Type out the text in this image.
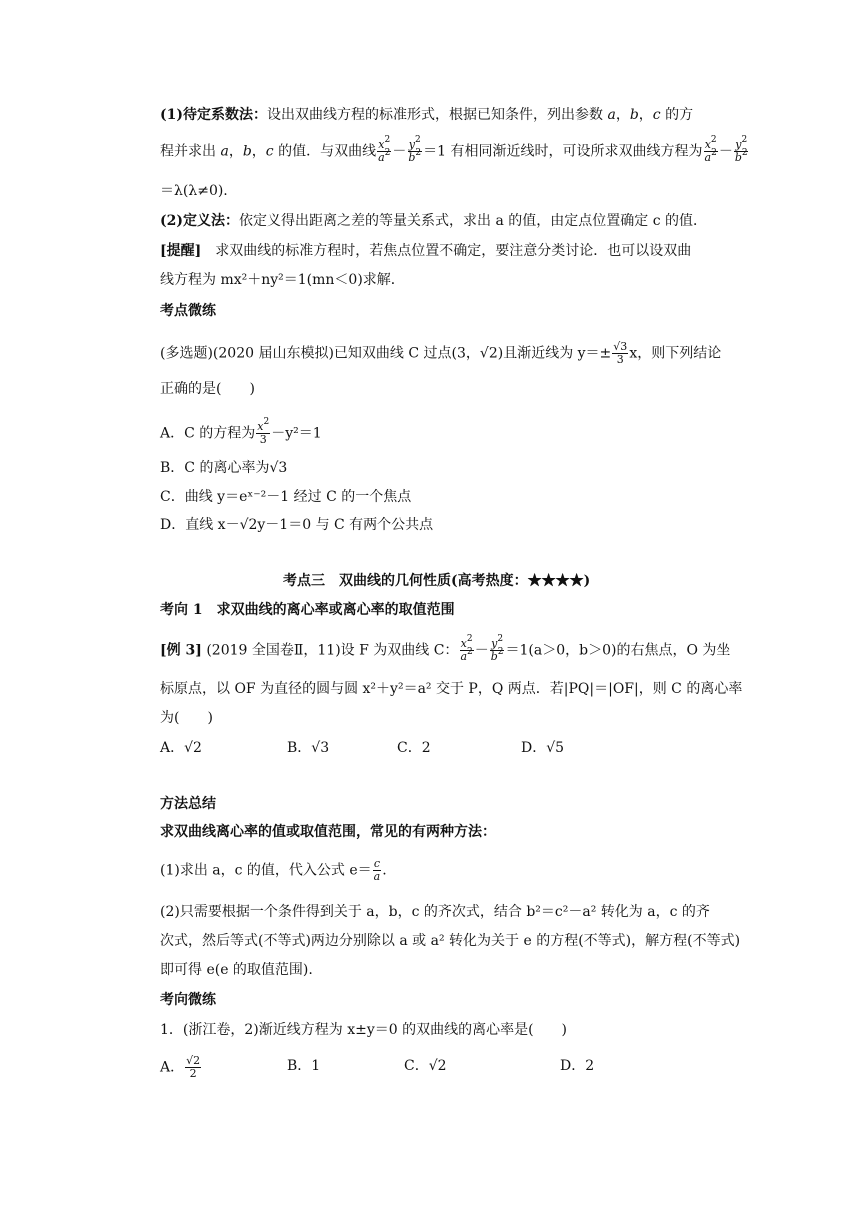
(1)待定系数法：设出双曲线方程的标准形式，根据已知条件，列出参数 a，b，c 的方
程并求出 a，b，c 的值．与双曲线 $\frac{x^2}{a^2} - \frac{y^2}{b^2} =1$ 有相同渐近线时，可设所求双曲线方程为 $\frac{x^2}{a^2} - \frac{y^2}{b^2}$
＝λ(λ≠0).
(2)定义法：依定义得出距离之差的等量关系式，求出 a 的值，由定点位置确定 c 的值．
[提醒]　 求双曲线的标准方程时，若焦点位置不确定，要注意分类讨论．也可以设双曲
线方程为 mx²＋ny²＝1(mn＜0)求解．
考点微练
(多选题)(2020 届山东模拟)已知双曲线 C 过点(3，√2)且渐近线为 $y=\pm \frac{√3}{3}$ x，则下列结论
正确的是(　　)
A．C 的方程为 $\frac{x^2}{3} -y^2=1$
B．C 的离心率为√3
C．曲线 y＝eˣ⁻²－1 经过 C 的一个焦点
D．直线 x－√2y－1＝0 与 C 有两个公共点
考点三　双曲线的几何性质(高考热度：★★★★)
考向 1　求双曲线的离心率或离心率的取值范围
[例 3] (2019 全国卷Ⅱ，11)设 F 为双曲线 C： $\frac{x^2}{a^2} - \frac{y^2}{b^2} =1(a>0$，b＞0)的右焦点，O 为坐
标原点，以 OF 为直径的圆与圆 x²＋y²＝a² 交于 P，Q 两点．若|PQ|＝|OF|，则 C 的离心率
为(　　)
A．√2	B．√3	C．2	D．√5
方法总结
求双曲线离心率的值或取值范围，常见的有两种方法：
(1)求出 a，c 的值，代入公式 $e= \frac{c}{a}$ .
(2)只需要根据一个条件得到关于 a，b，c 的齐次式，结合 b²＝c²－a² 转化为 a，c 的齐
次式，然后等式(不等式)两边分别除以 a 或 a² 转化为关于 e 的方程(不等式)，解方程(不等式)
即可得 e(e 的取值范围).
考向微练
1．(浙江卷，2)渐近线方程为 x±y＝0 的双曲线的离心率是(　　)
A． $\frac{√2}{2}$	B．1	C．√2	D．2
